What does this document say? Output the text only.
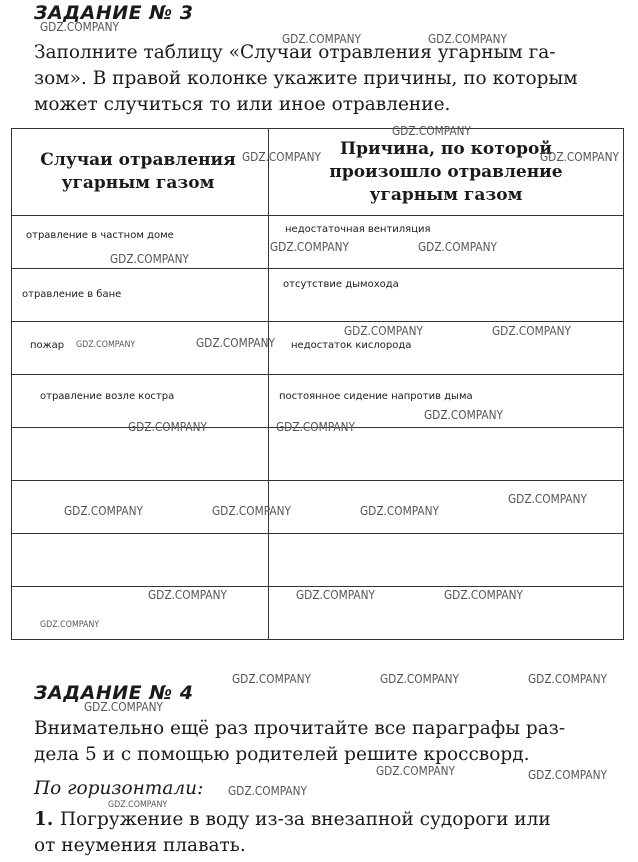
ЗАДАНИЕ № 3
Заполните таблицу «Случаи отравления угарным га-
зом». В правой колонке укажите причины, по которым
может случиться то или иное отравление.
Случаи отравления угарным газом	Причина, по которой произошло отравление угарным газом

отравление в частном доме	недостаточная вентиляция

отравление в бане	отсутствие дымохода

пожар	недостаток кислорода

отравление возле костра	постоянное сидение напротив дыма

ЗАДАНИЕ № 4
Внимательно ещё раз прочитайте все параграфы раз-
дела 5 и с помощью родителей решите кроссворд.
По горизонтали:
1. Погружение в воду из-за внезапной судороги или
от неумения плавать.
GDZ.COMPANY
GDZ.COMPANY	GDZ.COMPANY
GDZ.COMPANY
GDZ.COMPANY	GDZ.COMPANY
GDZ.COMPANY	GDZ.COMPANY
GDZ.COMPANY
GDZ.COMPANY	GDZ.COMPANY
GDZ.COMPANY
GDZ.COMPANY
GDZ.COMPANY
GDZ.COMPANY	GDZ.COMPANY
GDZ.COMPANY
GDZ.COMPANY	GDZ.COMPANY	GDZ.COMPANY
GDZ.COMPANY	GDZ.COMPANY	GDZ.COMPANY
GDZ.COMPANY
GDZ.COMPANY	GDZ.COMPANY	GDZ.COMPANY
GDZ.COMPANY
GDZ.COMPANY	GDZ.COMPANY
GDZ.COMPANY
GDZ.COMPANY
